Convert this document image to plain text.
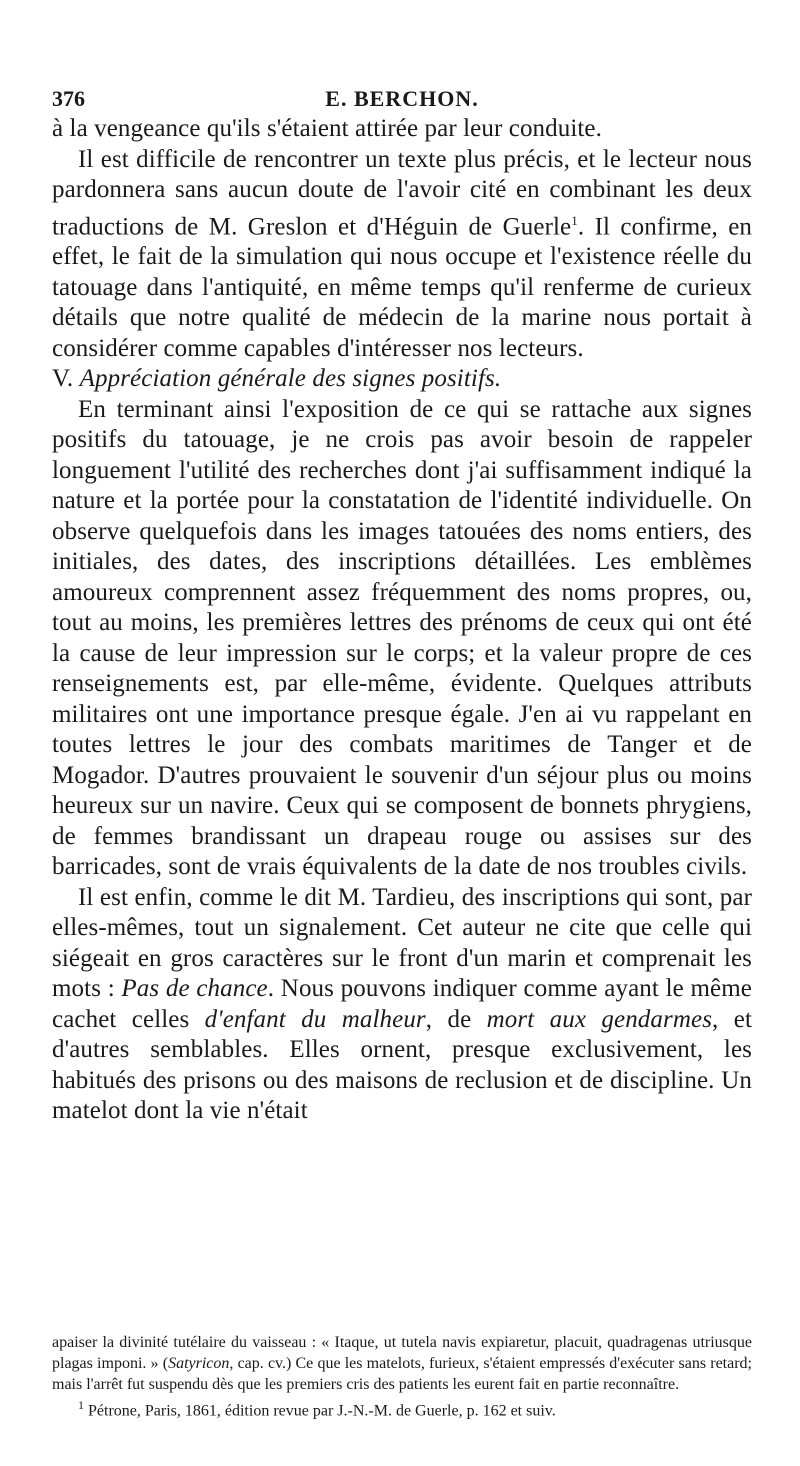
376	E. BERCHON.

à la vengeance qu'ils s'étaient attirée par leur conduite.

Il est difficile de rencontrer un texte plus précis, et le lecteur nous pardonnera sans aucun doute de l'avoir cité en combinant les deux traductions de M. Greslon et d'Héguin de Guerle$^1$. Il confirme, en effet, le fait de la simulation qui nous occupe et l'existence réelle du tatouage dans l'antiquité, en même temps qu'il renferme de curieux détails que notre qualité de médecin de la marine nous portait à considérer comme capables d'intéresser nos lecteurs.

V. Appréciation générale des signes positifs.

En terminant ainsi l'exposition de ce qui se rattache aux signes positifs du tatouage, je ne crois pas avoir besoin de rappeler longuement l'utilité des recherches dont j'ai suffisamment indiqué la nature et la portée pour la constatation de l'identité individuelle. On observe quelquefois dans les images tatouées des noms entiers, des initiales, des dates, des inscriptions détaillées. Les emblèmes amoureux comprennent assez fréquemment des noms propres, ou, tout au moins, les premières lettres des prénoms de ceux qui ont été la cause de leur impression sur le corps; et la valeur propre de ces renseignements est, par elle-même, évidente. Quelques attributs militaires ont une importance presque égale. J'en ai vu rappelant en toutes lettres le jour des combats maritimes de Tanger et de Mogador. D'autres prouvaient le souvenir d'un séjour plus ou moins heureux sur un navire. Ceux qui se composent de bonnets phrygiens, de femmes brandissant un drapeau rouge ou assises sur des barricades, sont de vrais équivalents de la date de nos troubles civils.

Il est enfin, comme le dit M. Tardieu, des inscriptions qui sont, par elles-mêmes, tout un signalement. Cet auteur ne cite que celle qui siégeait en gros caractères sur le front d'un marin et comprenait les mots : Pas de chance. Nous pouvons indiquer comme ayant le même cachet celles d'enfant du malheur, de mort aux gendarmes, et d'autres semblables. Elles ornent, presque exclusivement, les habitués des prisons ou des maisons de reclusion et de discipline. Un matelot dont la vie n'était

apaiser la divinité tutélaire du vaisseau : « Itaque, ut tutela navis expiaretur, placuit, quadragenas utriusque plagas imponi. » (Satyricon, cap. cv.) Ce que les matelots, furieux, s'étaient empressés d'exécuter sans retard; mais l'arrêt fut suspendu dès que les premiers cris des patients les eurent fait en partie reconnaître.

$^1$ Pétrone, Paris, 1861, édition revue par J.-N.-M. de Guerle, p. 162 et suiv.
